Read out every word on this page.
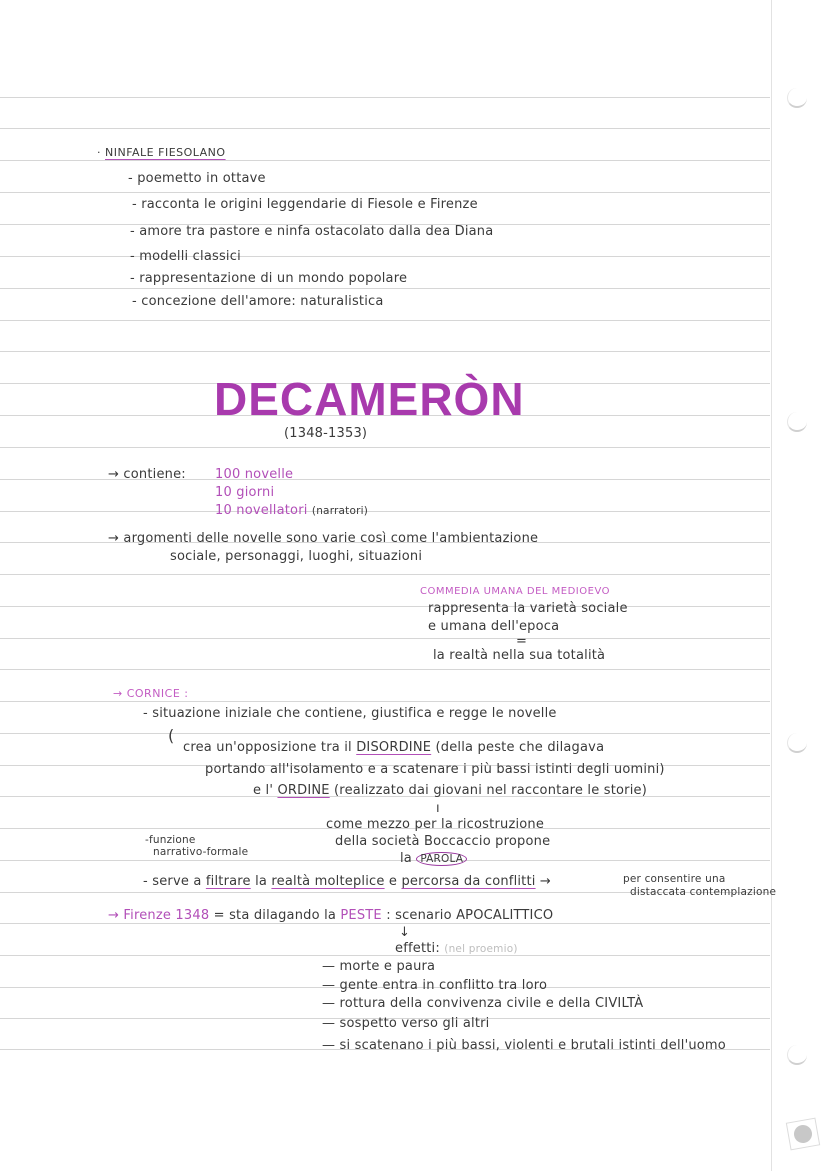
· NINFALE FIESOLANO
- poemetto in ottave
- racconta le origini leggendarie di Fiesole e Firenze
- amore tra pastore e ninfa ostacolato dalla dea Diana
- modelli classici
- rappresentazione di un mondo popolare
- concezione dell'amore: naturalistica
DECAMERÒN
(1348-1353)
→ contiene: 100 novelle
10 giorni
10 novellatori (narratori)
→ argomenti delle novelle sono varie così come l'ambientazione
sociale, personaggi, luoghi, situazioni
COMMEDIA UMANA DEL MEDIOEVO
rappresenta la varietà sociale
e umana dell'epoca
=
la realtà nella sua totalità
→ CORNICE :
- situazione iniziale che contiene, giustifica e regge le novelle
(
crea un'opposizione tra il DISORDINE (della peste che dilagava
portando all'isolamento e a scatenare i più bassi istinti degli uomini)
e l' ORDINE (realizzato dai giovani nel raccontare le storie)
ı
come mezzo per la ricostruzione
della società Boccaccio propone
la PAROLA
-funzione
narrativo-formale
- serve a filtrare la realtà molteplice e percorsa da conflitti →	per consentire una
distaccata contemplazione
→ Firenze 1348 = sta dilagando la PESTE : scenario APOCALITTICO
↓
effetti: (nel proemio)
— morte e paura
— gente entra in conflitto tra loro
— rottura della convivenza civile e della CIVILTÀ
— sospetto verso gli altri
— si scatenano i più bassi, violenti e brutali istinti dell'uomo
